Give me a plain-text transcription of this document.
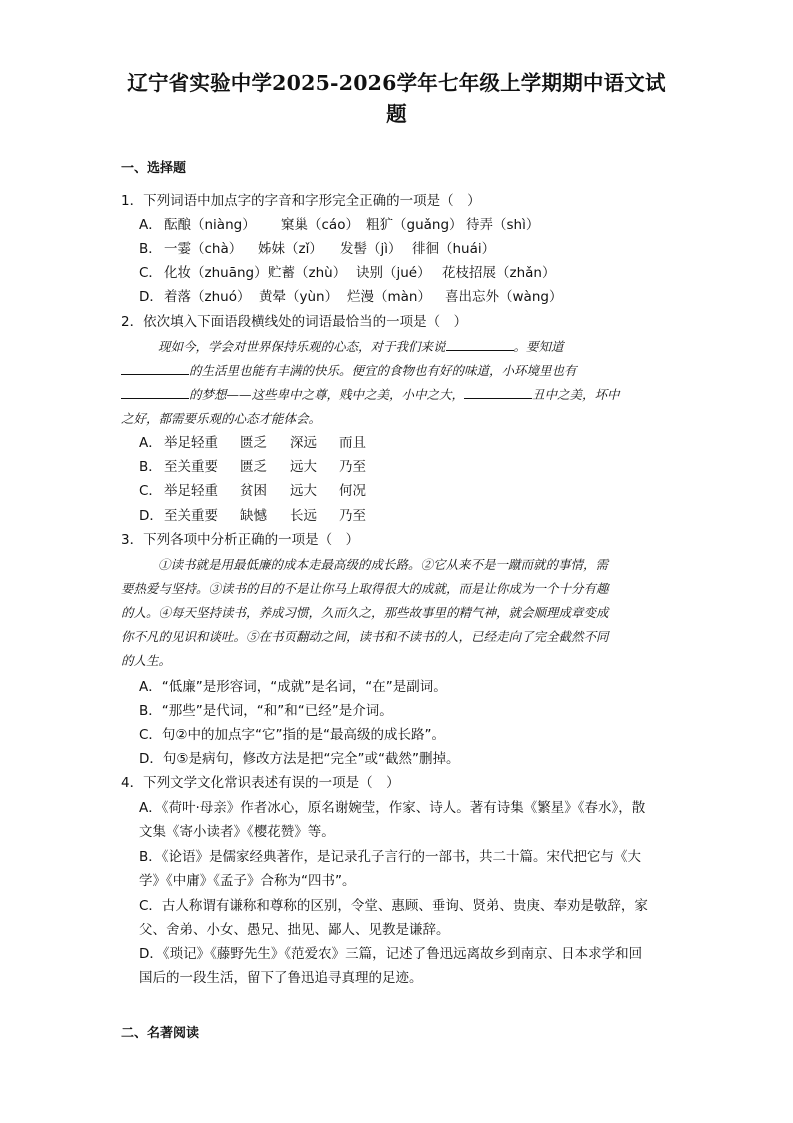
辽宁省实验中学2025-2026学年七年级上学期期中语文试
题
一、选择题
1．下列词语中加点字的字音和字形完全正确的一项是（　）
A． 酝酿（niàng） 窠巢（cáo） 粗犷（guǎng） 待弄（shì）
B． 一霎（chà） 姊妹（zǐ） 发髻（jì） 徘徊（huái）
C． 化妆（zhuāng）贮蓄（zhù） 诀别（jué） 花枝招展（zhǎn）
D．着落（zhuó） 黄晕（yùn） 烂漫（màn） 喜出忘外（wàng）
2．依次填入下面语段横线处的词语最恰当的一项是（　）
现如今，学会对世界保持乐观的心态，对于我们来说	。要知道
的生活里也能有丰满的快乐。便宜的食物也有好的味道，小环境里也有
的梦想——这些卑中之尊，贱中之美，小中之大，	丑中之美，坏中
之好，都需要乐观的心态才能体会。
A． 举足轻重 匮乏 深远 而且
B． 至关重要 匮乏 远大 乃至
C． 举足轻重 贫困 远大 何况
D．至关重要 缺憾 长远 乃至
3．下列各项中分析正确的一项是（　）
①读书就是用最低廉的成本走最高级的成长路。②它从来不是一蹴而就的事情，需
要热爱与坚持。③读书的目的不是让你马上取得很大的成就，而是让你成为一个十分有趣
的人。④每天坚持读书，养成习惯，久而久之，那些故事里的精气神，就会顺理成章变成
你不凡的见识和谈吐。⑤在书页翻动之间，读书和不读书的人，已经走向了完全截然不同
的人生。
A．“低廉”是形容词，“成就”是名词，“在”是副词。
B．“那些”是代词，“和”和“已经”是介词。
C．句②中的加点字“它”指的是“最高级的成长路”。
D．句⑤是病句，修改方法是把“完全”或“截然”删掉。
4．下列文学文化常识表述有误的一项是（　）
A．《荷叶·母亲》作者冰心，原名谢婉莹，作家、诗人。著有诗集《繁星》《春水》，散
文集《寄小读者》《樱花赞》等。
B．《论语》是儒家经典著作，是记录孔子言行的一部书，共二十篇。宋代把它与《大
学》《中庸》《孟子》合称为“四书”。
C．古人称谓有谦称和尊称的区别，令堂、惠顾、垂询、贤弟、贵庚、奉劝是敬辞，家
父、舍弟、小女、愚兄、拙见、鄙人、见教是谦辞。
D．《琐记》《藤野先生》《范爱农》三篇，记述了鲁迅远离故乡到南京、日本求学和回
国后的一段生活，留下了鲁迅追寻真理的足迹。
二、名著阅读
